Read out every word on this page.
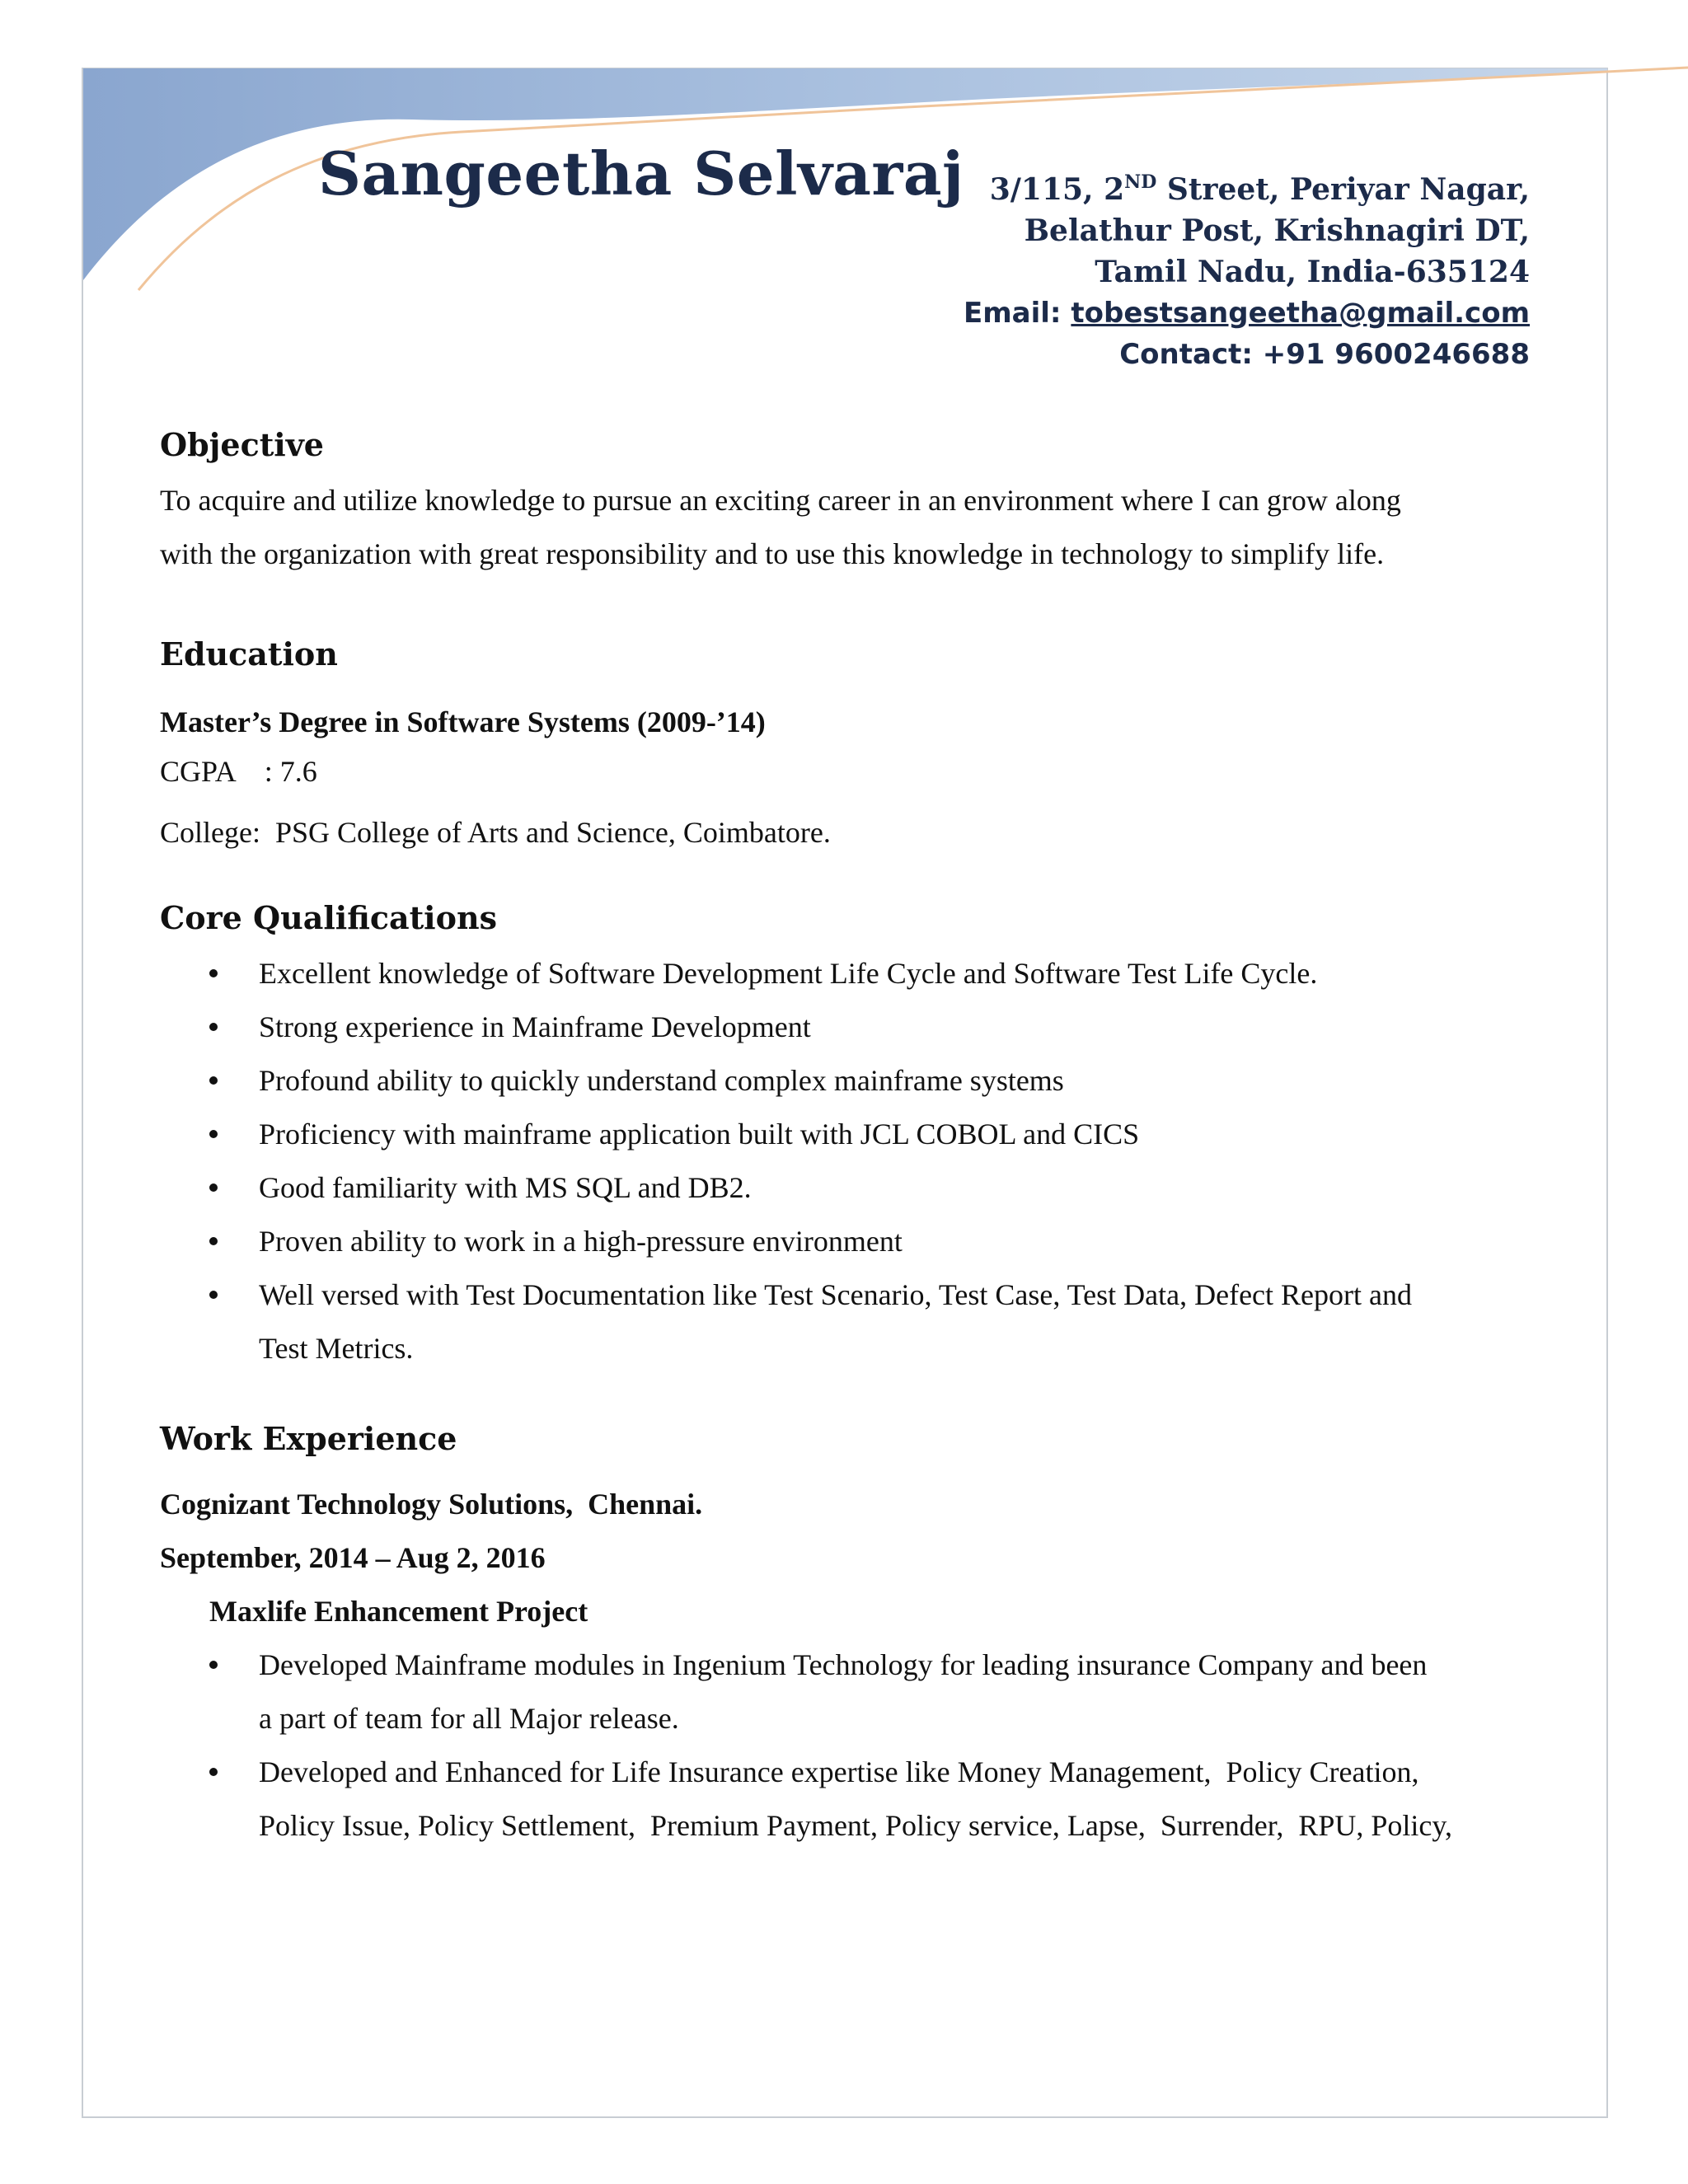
Sangeetha Selvaraj 3/115, 2ND Street, Periyar Nagar,
Belathur Post, Krishnagiri DT,
Tamil Nadu, India-635124
Email: tobestsangeetha@gmail.com
Contact: +91 9600246688
Objective

To acquire and utilize knowledge to pursue an exciting career in an environment where I can grow along

with the organization with great responsibility and to use this knowledge in technology to simplify life.

Education

Master’s Degree in Software Systems (2009-’14)

CGPA    : 7.6

College:  PSG College of Arts and Science, Coimbatore.

Core Qualifications
Excellent knowledge of Software Development Life Cycle and Software Test Life Cycle.
Strong experience in Mainframe Development
Profound ability to quickly understand complex mainframe systems
Proficiency with mainframe application built with JCL COBOL and CICS
Good familiarity with MS SQL and DB2.
Proven ability to work in a high-pressure environment
Well versed with Test Documentation like Test Scenario, Test Case, Test Data, Defect Report and
Test Metrics.
Work Experience

Cognizant Technology Solutions,  Chennai.

September, 2014 – Aug 2, 2016

Maxlife Enhancement Project

Developed Mainframe modules in Ingenium Technology for leading insurance Company and been
a part of team for all Major release.
Developed and Enhanced for Life Insurance expertise like Money Management,  Policy Creation,
Policy Issue, Policy Settlement,  Premium Payment, Policy service, Lapse,  Surrender,  RPU, Policy,
